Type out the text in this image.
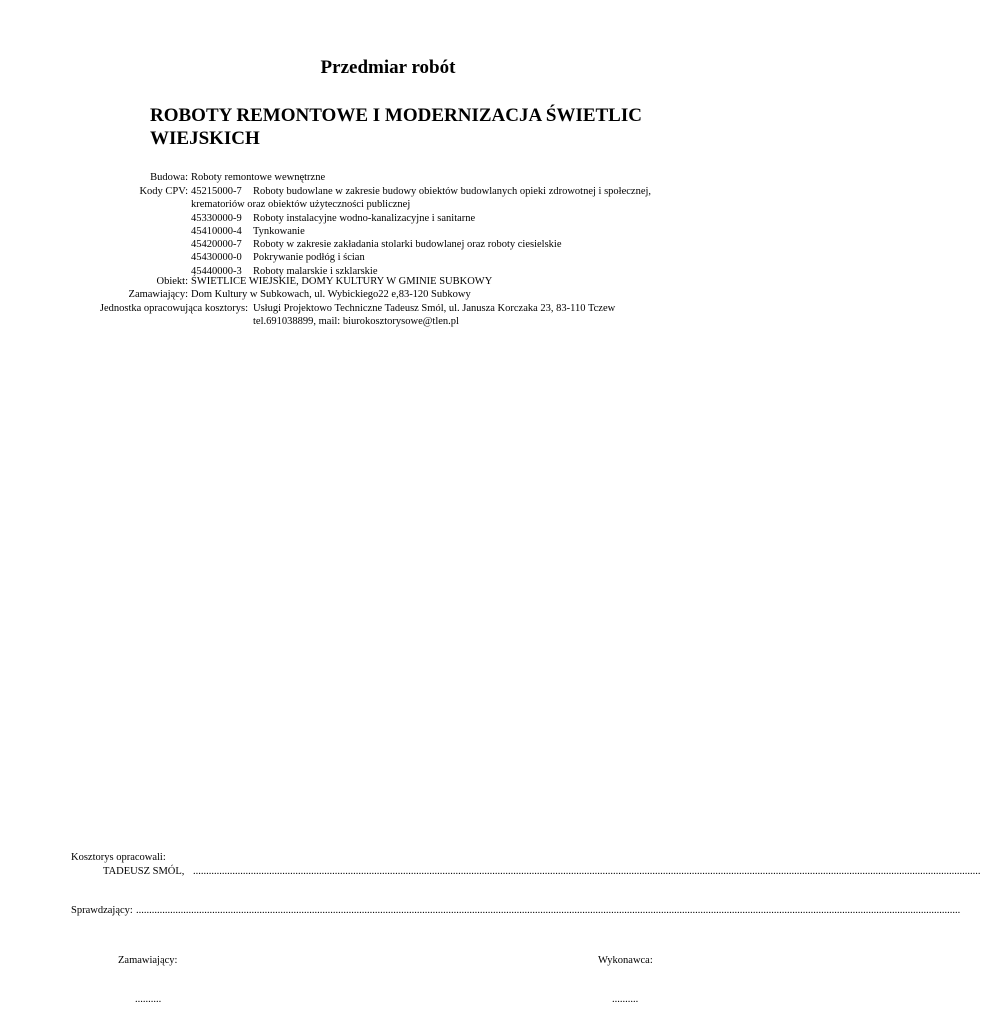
Przedmiar robót
ROBOTY REMONTOWE I MODERNIZACJA ŚWIETLIC
WIEJSKICH
Budowa: Roboty remontowe wewnętrzne
Kody CPV: 45215000-7 Roboty budowlane w zakresie budowy obiektów budowlanych opieki zdrowotnej i społecznej,
krematoriów oraz obiektów użyteczności publicznej
45330000-9 Roboty instalacyjne wodno-kanalizacyjne i sanitarne
45410000-4 Tynkowanie
45420000-7 Roboty w zakresie zakładania stolarki budowlanej oraz roboty ciesielskie
45430000-0 Pokrywanie podłóg i ścian
45440000-3 Roboty malarskie i szklarskie
Obiekt: ŚWIETLICE WIEJSKIE, DOMY KULTURY W GMINIE SUBKOWY
Zamawiający: Dom Kultury w Subkowach, ul. Wybickiego22 e,83-120 Subkowy
Jednostka opracowująca kosztorys: Usługi Projektowo Techniczne Tadeusz Smól, ul. Janusza Korczaka 23, 83-110 Tczew
tel.691038899, mail: biurokosztorysowe@tlen.pl
Kosztorys opracowali:
TADEUSZ SMÓL, ............................................................................................................................................................................................................................................................................................................
Sprawdzający: ..........................................................................................................................................................................................................................................................................................................................
Zamawiający:	Wykonawca:
..........	..........
